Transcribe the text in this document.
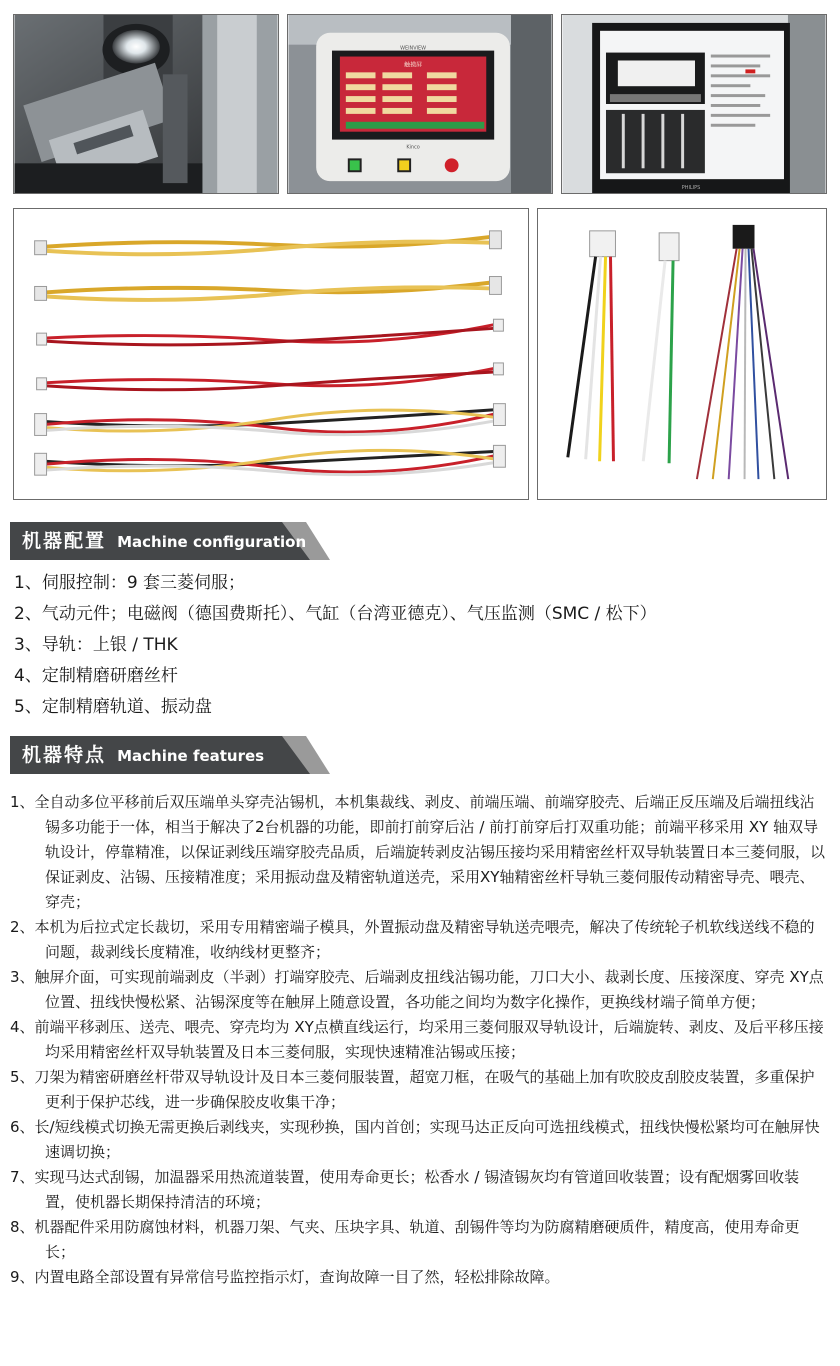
WEINVIEW
触摸屏
Kinco
PHILIPS
机器配置 Machine configuration
1、伺服控制：9 套三菱伺服；
2、气动元件；电磁阀（德国费斯托）、气缸（台湾亚德克）、气压监测（SMC / 松下）
3、导轨：上银 / THK
4、定制精磨研磨丝杆
5、定制精磨轨道、振动盘
机器特点 Machine features
1、全自动多位平移前后双压端单头穿壳沾锡机，本机集裁线、剥皮、前端压端、前端穿胶壳、后端正反压端及后端扭线沾锡多功能于一体，相当于解决了2台机器的功能，即前打前穿后沾 / 前打前穿后打双重功能；前端平移采用 XY 轴双导轨设计，停靠精准，以保证剥线压端穿胶壳品质，后端旋转剥皮沾锡压接均采用精密丝杆双导轨装置日本三菱伺服，以保证剥皮、沾锡、压接精准度；采用振动盘及精密轨道送壳，采用XY轴精密丝杆导轨三菱伺服传动精密导壳、喂壳、穿壳；
2、本机为后拉式定长裁切，采用专用精密端子模具，外置振动盘及精密导轨送壳喂壳，解决了传统轮子机软线送线不稳的问题，裁剥线长度精准，收纳线材更整齐；
3、触屏介面，可实现前端剥皮（半剥）打端穿胶壳、后端剥皮扭线沾锡功能，刀口大小、裁剥长度、压接深度、穿壳 XY点位置、扭线快慢松紧、沾锡深度等在触屏上随意设置，各功能之间均为数字化操作，更换线材端子简单方便；
4、前端平移剥压、送壳、喂壳、穿壳均为 XY点横直线运行，均采用三菱伺服双导轨设计，后端旋转、剥皮、及后平移压接均采用精密丝杆双导轨装置及日本三菱伺服，实现快速精准沾锡或压接；
5、刀架为精密研磨丝杆带双导轨设计及日本三菱伺服装置，超宽刀框，在吸气的基础上加有吹胶皮刮胶皮装置，多重保护更利于保护芯线，进一步确保胶皮收集干净；
6、长/短线模式切换无需更换后剥线夹，实现秒换，国内首创；实现马达正反向可选扭线模式，扭线快慢松紧均可在触屏快速调切换；
7、实现马达式刮锡，加温器采用热流道装置，使用寿命更长；松香水 / 锡渣锡灰均有管道回收装置；设有配烟雾回收装置，使机器长期保持清洁的环境；
8、机器配件采用防腐蚀材料，机器刀架、气夹、压块字具、轨道、刮锡件等均为防腐精磨硬质件，精度高，使用寿命更长；
9、内置电路全部设置有异常信号监控指示灯，查询故障一目了然，轻松排除故障。
